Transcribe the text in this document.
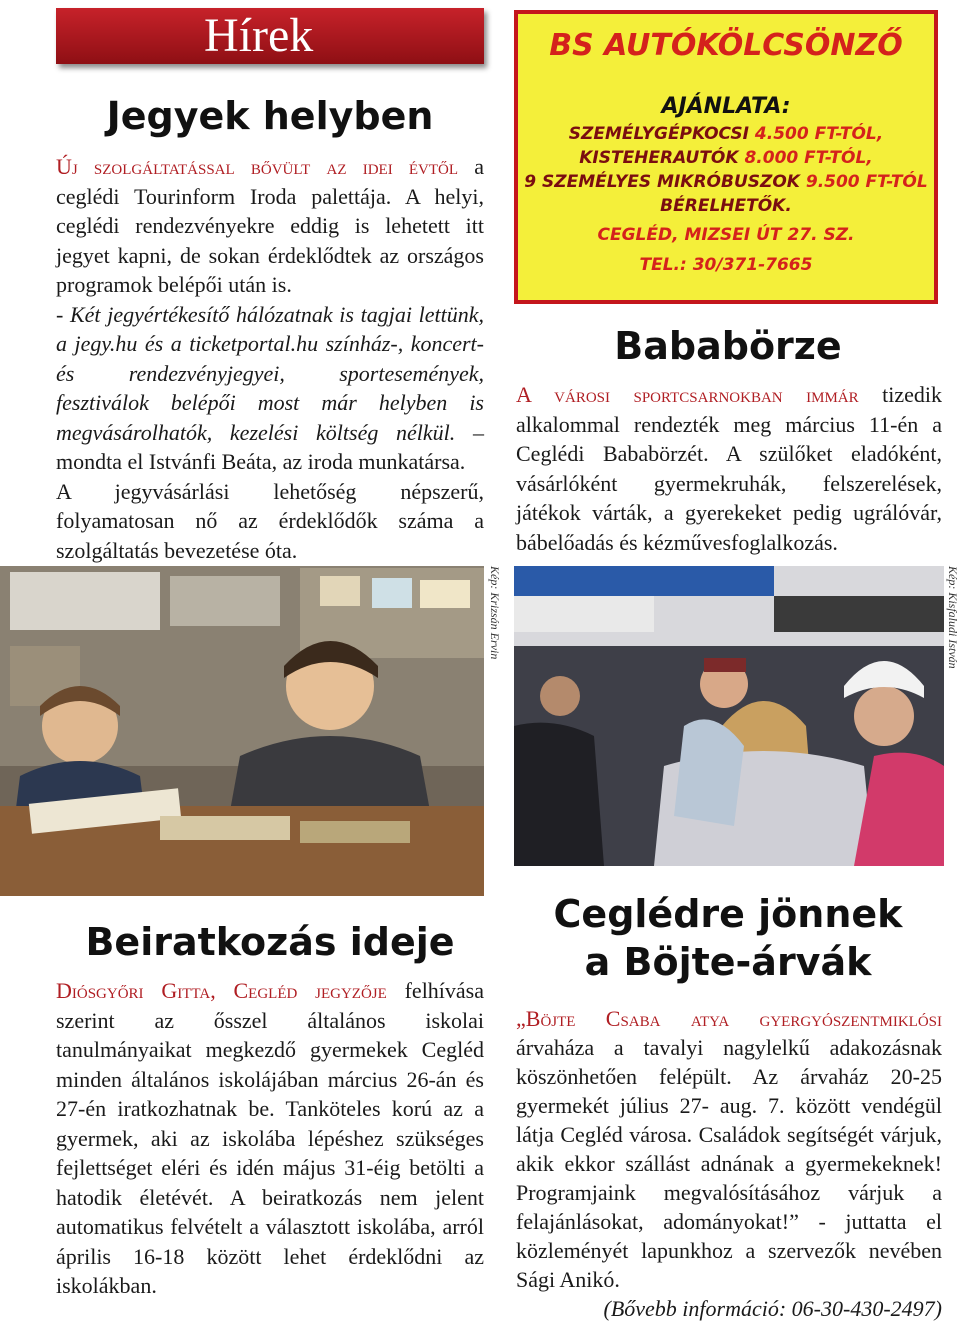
Hírek
Jegyek helyben

Új szolgáltatással bővült az idei évtől a ceglédi Tourinform Iroda palettája. A helyi, ceglédi rendezvényekre eddig is lehetett itt jegyet kapni, de sokan érdeklődtek az országos programok belépői után is.

- Két jegyértékesítő hálózatnak is tagjai lettünk, a jegy.hu és a ticketportal.hu színház-, koncert- és rendezvényjegyei, sportesemények, fesztiválok belépői most már helyben is megvásárolhatók, kezelési költség nélkül. – mondta el Istvánfi Beáta, az iroda munkatársa.

A jegyvásárlási lehetőség népszerű, folyamatosan nő az érdeklődők száma a szolgáltatás bevezetése óta.

Kép: Krizsán Ervin
BS AUTÓKÖLCSÖNZŐ

AJÁNLATA:

SZEMÉLYGÉPKOCSI 4.500 FT-TÓL,

KISTEHERAUTÓK 8.000 FT-TÓL,

9 SZEMÉLYES MIKRÓBUSZOK 9.500 FT-TÓL

BÉRELHETŐK.

CEGLÉD, MIZSEI ÚT 27. SZ.

TEL.: 30/371-7665

Bababörze

A városi sportcsarnokban immár tizedik alkalommal rendezték meg március 11-én a Ceglédi Bababörzét. A szülőket eladóként, vásárlóként gyermekruhák, felszerelések, játékok várták, a gyerekeket pedig ugrálóvár, bábelőadás és kézművesfoglalkozás.

Kép: Kisfaludi István
Beiratkozás ideje

Diósgyőri Gitta, Cegléd jegyzője felhívása szerint az ősszel általános iskolai tanulmányaikat megkezdő gyermekek Cegléd minden általános iskolájában március 26-án és 27-én iratkozhatnak be. Tanköteles korú az a gyermek, aki az iskolába lépéshez szükséges fejlettséget eléri és idén május 31-éig betölti a hatodik életévét. A beiratkozás nem jelent automatikus felvételt a választott iskolába, arról április 16-18 között lehet érdeklődni az iskolákban.

Ceglédre jönnek
a Böjte-árvák

„Böjte Csaba atya gyergyószentmiklósi árvaháza a tavalyi nagylelkű adakozásnak köszönhetően felépült. Az árvaház 20-25 gyermekét július 27- aug. 7. között vendégül látja Cegléd városa. Családok segítségét várjuk, akik ekkor szállást adnának a gyermekeknek! Programjaink megvalósításához várjuk a felajánlásokat, adományokat!” - juttatta el közleményét lapunkhoz a szervezők nevében Sági Anikó.

(Bővebb információ: 06-30-430-2497)
